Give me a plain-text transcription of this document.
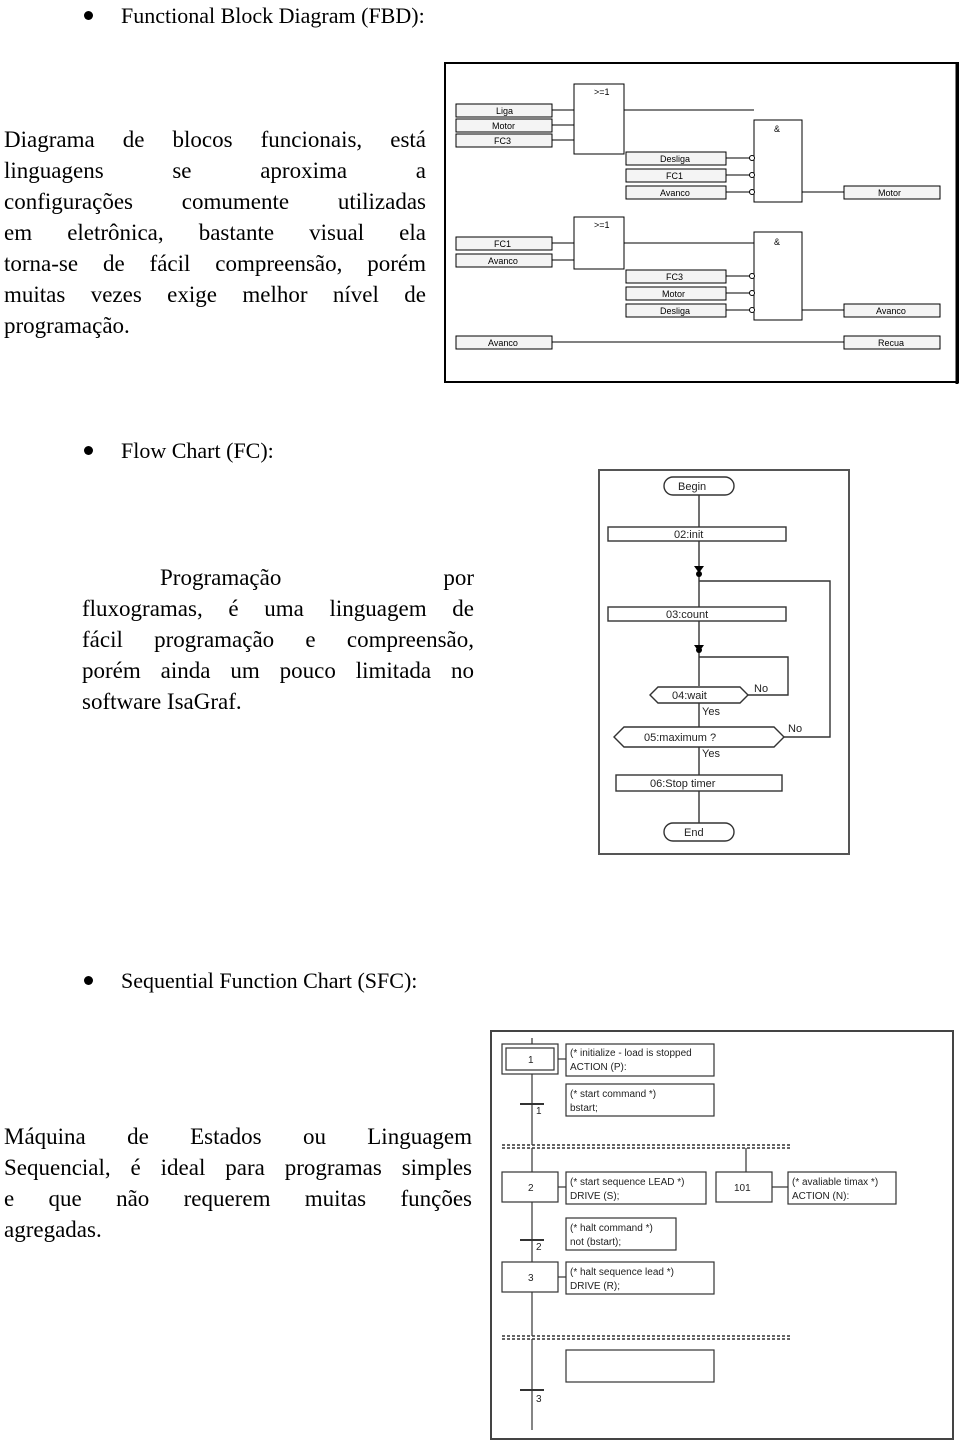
Functional Block Diagram (FBD):
Diagrama de blocos funcionais, está
linguagens se aproxima a
configurações comumente utilizadas
em eletrônica, bastante visual ela
torna-se de fácil compreensão, porém
muitas vezes exige melhor nível de
programação.
>=1
&
>=1
&
Liga
Motor
FC3
Desliga
FC1
Avanco	Motor
FC1
Avanco
FC3
Motor
Desliga	Avanco
Avanco	Recua
Flow Chart (FC):
Programação por
fluxogramas, é uma linguagem de
fácil programação e compreensão,
porém ainda um pouco limitada no
software IsaGraf.
Begin
02:init
03:count
04:wait
05:maximum ?
06:Stop timer
End
No
No
Yes
Yes
Sequential Function Chart (SFC):
Máquina de Estados ou Linguagem
Sequencial, é ideal para programas simples
e que não requerem muitas funções
agregadas.
1
(* initialize - load is stopped
ACTION (P):
1
(* start command *)
bstart;
2
(* start sequence LEAD *)
DRIVE (S);
101
(* avaliable timax *)
ACTION (N):
2
(* halt command *)
not (bstart);
3
(* halt sequence lead *)
DRIVE (R);
3
